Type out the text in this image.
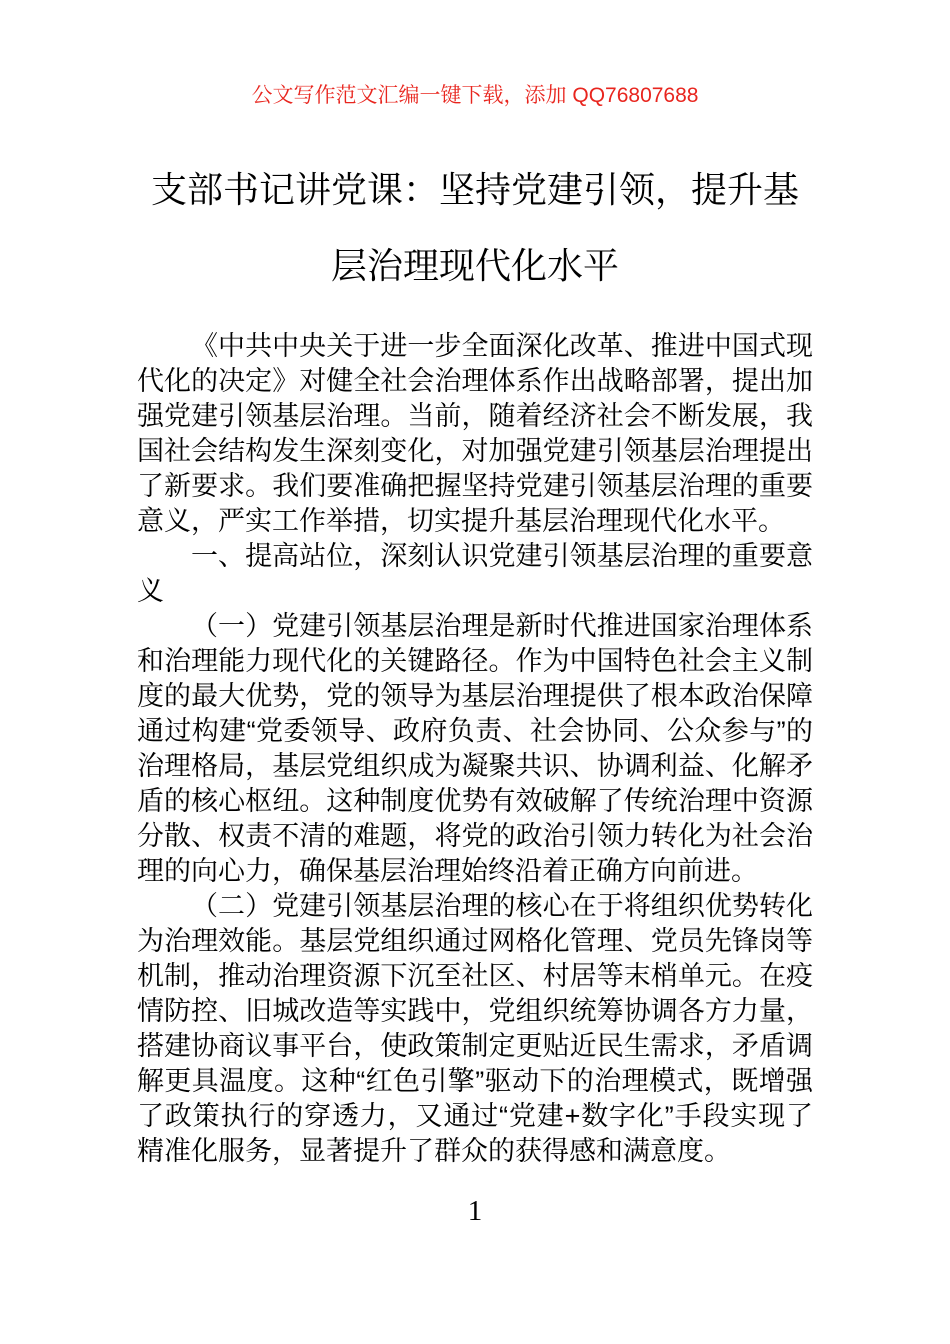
公文写作范文汇编一键下载，添加 QQ76807688
支部书记讲党课：坚持党建引领，提升基层治理现代化水平

《中共中央关于进一步全面深化改革、推进中国式现代化的决定》对健全社会治理体系作出战略部署，提出加强党建引领基层治理。当前，随着经济社会不断发展，我国社会结构发生深刻变化，对加强党建引领基层治理提出了新要求。我们要准确把握坚持党建引领基层治理的重要意义，严实工作举措，切实提升基层治理现代化水平。

一、提高站位，深刻认识党建引领基层治理的重要意义

（一）党建引领基层治理是新时代推进国家治理体系和治理能力现代化的关键路径。作为中国特色社会主义制度的最大优势，党的领导为基层治理提供了根本政治保障通过构建“党委领导、政府负责、社会协同、公众参与”的治理格局，基层党组织成为凝聚共识、协调利益、化解矛盾的核心枢纽。这种制度优势有效破解了传统治理中资源分散、权责不清的难题，将党的政治引领力转化为社会治理的向心力，确保基层治理始终沿着正确方向前进。

（二）党建引领基层治理的核心在于将组织优势转化为治理效能。基层党组织通过网格化管理、党员先锋岗等机制，推动治理资源下沉至社区、村居等末梢单元。在疫情防控、旧城改造等实践中，党组织统筹协调各方力量，搭建协商议事平台，使政策制定更贴近民生需求，矛盾调解更具温度。这种“红色引擎”驱动下的治理模式，既增强了政策执行的穿透力，又通过“党建+数字化”手段实现了精准化服务，显著提升了群众的获得感和满意度。

1
